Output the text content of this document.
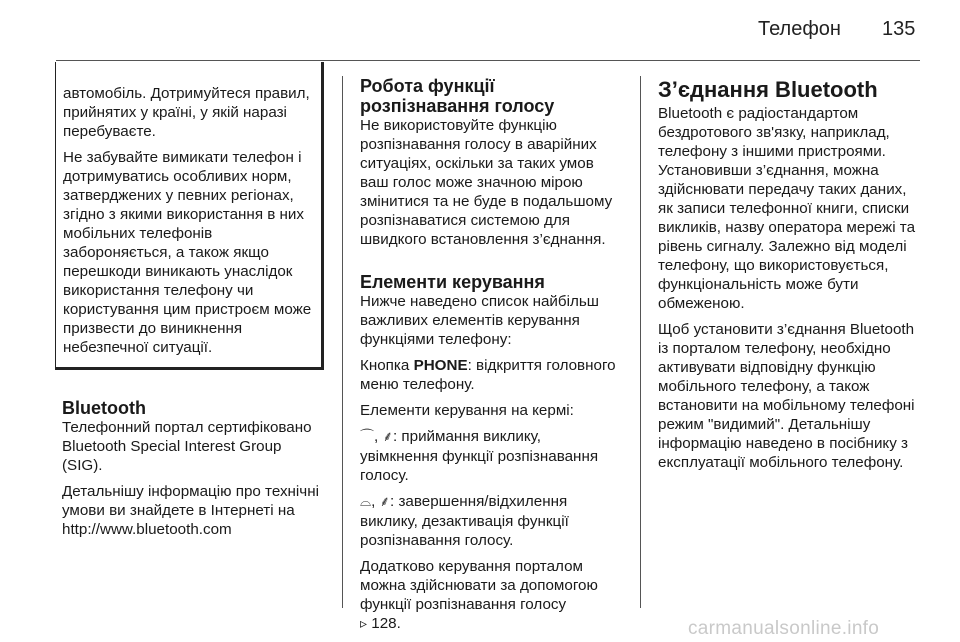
Телефон 135

автомобіль. Дотримуйтеся правил, прийнятих у країні, у якій наразі перебуваєте.

Не забувайте вимикати телефон і дотримуватись особливих норм, затверджених у певних регіонах, згідно з якими використання в них мобільних телефонів забороняється, а також якщо перешкоди виникають унаслідок використання телефону чи користування цим пристроєм може призвести до виникнення небезпечної ситуації.

Bluetooth

Телефонний портал сертифіковано Bluetooth Special Interest Group (SIG).

Детальнішу інформацію про технічні умови ви знайдете в Інтернеті на http://www.bluetooth.com

Робота функції розпізнавання голосу

Не використовуйте функцію розпізнавання голосу в аварійних ситуаціях, оскільки за таких умов ваш голос може значною мірою змінитися та не буде в подальшому розпізнаватися системою для швидкого встановлення з’єднання.

Елементи керування

Нижче наведено список найбільш важливих елементів керування функціями телефону:

Кнопка PHONE: відкриття головного меню телефону.

Елементи керування на кермі:

⌒, ⸙: приймання виклику, увімкнення функції розпізнавання голосу.

⌓, ⸙: завершення/відхилення виклику, дезактивація функції розпізнавання голосу.

Додатково керування порталом можна здійснювати за допомогою функції розпізнавання голосу
▹ 128.

З’єднання Bluetooth

Bluetooth є радіостандартом бездротового зв'язку, наприклад, телефону з іншими пристроями. Установивши з’єднання, можна здійснювати передачу таких даних, як записи телефонної книги, списки викликів, назву оператора мережі та рівень сигналу. Залежно від моделі телефону, що використовується, функціональність може бути обмеженою.

Щоб установити з’єднання Bluetooth із порталом телефону, необхідно активувати відповідну функцію мобільного телефону, а також встановити на мобільному телефоні режим "видимий". Детальнішу інформацію наведено в посібнику з експлуатації мобільного телефону.

carmanualsonline.info
